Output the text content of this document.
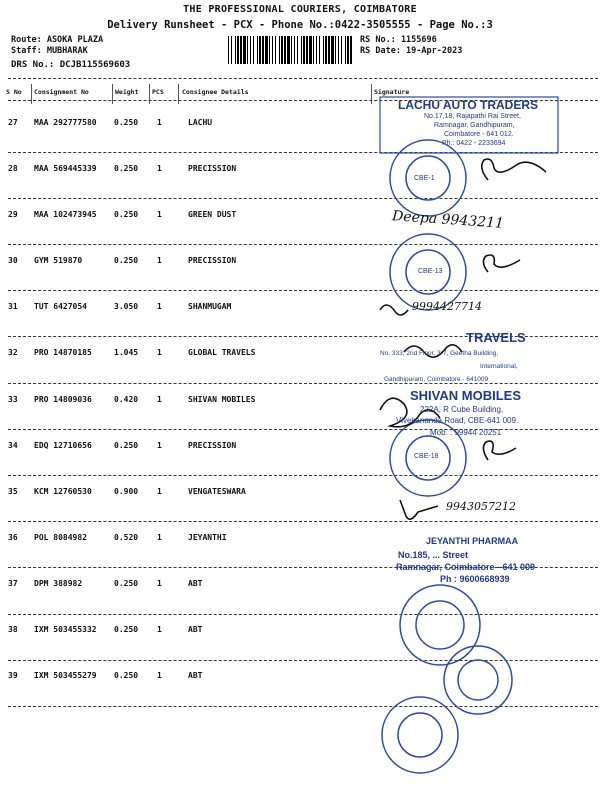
THE PROFESSIONAL COURIERS, COIMBATORE
Delivery Runsheet - PCX - Phone No.:0422-3505555 - Page No.:3
Route: ASOKA PLAZA
Staff: MUBHARAK
DRS No.: DCJB115569603
RS No.: 1155696
RS Date: 19-Apr-2023
S No Consignment No	Weight PCS	Consignee Details	Signature
27 MAA 292777580 0.250 1	LACHU
28 MAA 569445339 0.250 1	PRECISSION
29 MAA 102473945 0.250 1	GREEN DUST
30 GYM 519870	0.250 1	PRECISSION
31 TUT 6427054	3.050 1	SHANMUGAM
32 PRO 14870185	1.045 1	GLOBAL TRAVELS
33 PRO 14809036	0.420 1	SHIVAN MOBILES
34 EDQ 12710656	0.250 1	PRECISSION
35 KCM 12760530	0.900 1	VENGATESWARA
36 POL 8084982	0.520 1	JEYANTHI
37 DPM 388982	0.250 1	ABT
38 IXM 503455332 0.250 1	ABT
39 IXM 503455279 0.250 1	ABT
LACHU AUTO TRADERS
No.17,18, Rajapathi Rai Street,
Ramnagar, Gandhipuram,
Coimbatore - 641 012.
Ph.: 0422 - 2233694
TRAVELS
No. 333, 2nd Floor, 3-7, Geetha Building,
International,
Gandhipuram, Coimbatore - 641009
SHIVAN MOBILES
222A, R Cube Building,
Vivekananda Road, CBE-641 009.
Mob. : 99944 20251
JEYANTHI PHARMAA
No.185, ... Street
Ramnagar, Coimbatore - 641 009
Ph : 9600668939
CBE-1
CBE-13
CBE-18
Deepa 9943211
9994427714
9943057212
